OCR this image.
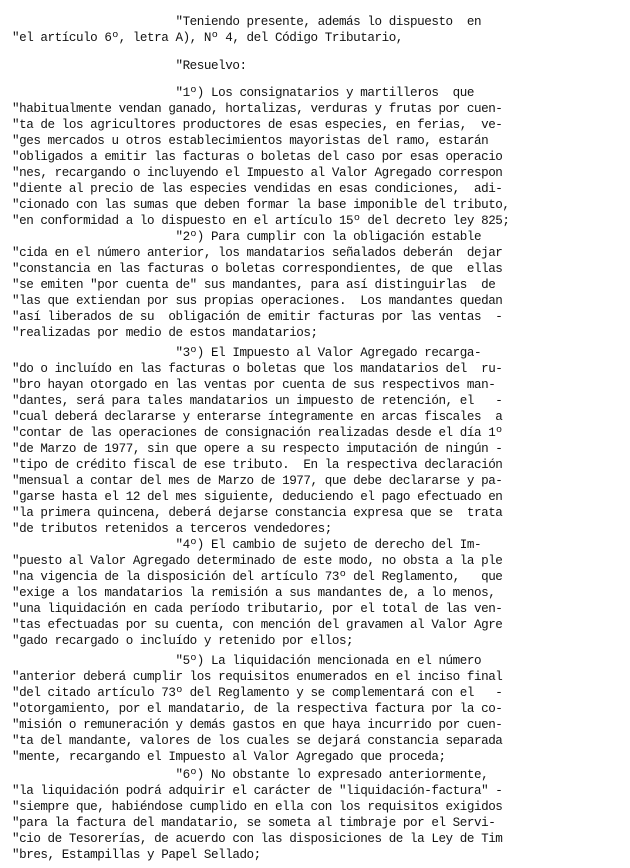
"Teniendo presente, además lo dispuesto  en
"el artículo 6º, letra A), Nº 4, del Código Tributario,
"Resuelvo:
"1º) Los consignatarios y martilleros  que
"habitualmente vendan ganado, hortalizas, verduras y frutas por cuen-
"ta de los agricultores productores de esas especies, en ferias,  ve-
"ges mercados u otros establecimientos mayoristas del ramo, estarán
"obligados a emitir las facturas o boletas del caso por esas operacio
"nes, recargando o incluyendo el Impuesto al Valor Agregado correspon
"diente al precio de las especies vendidas en esas condiciones,  adi-
"cionado con las sumas que deben formar la base imponible del tributo,
"en conformidad a lo dispuesto en el artículo 15º del decreto ley 825;
"2º) Para cumplir con la obligación estable
"cida en el número anterior, los mandatarios señalados deberán  dejar
"constancia en las facturas o boletas correspondientes, de que  ellas
"se emiten "por cuenta de" sus mandantes, para así distinguirlas  de
"las que extiendan por sus propias operaciones.  Los mandantes quedan
"así liberados de su  obligación de emitir facturas por las ventas  -
"realizadas por medio de estos mandatarios;
"3º) El Impuesto al Valor Agregado recarga-
"do o incluído en las facturas o boletas que los mandatarios del  ru-
"bro hayan otorgado en las ventas por cuenta de sus respectivos man-
"dantes, será para tales mandatarios un impuesto de retención, el   -
"cual deberá declararse y enterarse íntegramente en arcas fiscales  a
"contar de las operaciones de consignación realizadas desde el día 1º
"de Marzo de 1977, sin que opere a su respecto imputación de ningún -
"tipo de crédito fiscal de ese tributo.  En la respectiva declaración
"mensual a contar del mes de Marzo de 1977, que debe declararse y pa-
"garse hasta el 12 del mes siguiente, deduciendo el pago efectuado en
"la primera quincena, deberá dejarse constancia expresa que se  trata
"de tributos retenidos a terceros vendedores;
"4º) El cambio de sujeto de derecho del Im-
"puesto al Valor Agregado determinado de este modo, no obsta a la ple
"na vigencia de la disposición del artículo 73º del Reglamento,   que
"exige a los mandatarios la remisión a sus mandantes de, a lo menos,
"una liquidación en cada período tributario, por el total de las ven-
"tas efectuadas por su cuenta, con mención del gravamen al Valor Agre
"gado recargado o incluído y retenido por ellos;
"5º) La liquidación mencionada en el número
"anterior deberá cumplir los requisitos enumerados en el inciso final
"del citado artículo 73º del Reglamento y se complementará con el   -
"otorgamiento, por el mandatario, de la respectiva factura por la co-
"misión o remuneración y demás gastos en que haya incurrido por cuen-
"ta del mandante, valores de los cuales se dejará constancia separada
"mente, recargando el Impuesto al Valor Agregado que proceda;
"6º) No obstante lo expresado anteriormente,
"la liquidación podrá adquirir el carácter de "liquidación-factura" -
"siempre que, habiéndose cumplido en ella con los requisitos exigidos
"para la factura del mandatario, se someta al timbraje por el Servi-
"cio de Tesorerías, de acuerdo con las disposiciones de la Ley de Tim
"bres, Estampillas y Papel Sellado;
